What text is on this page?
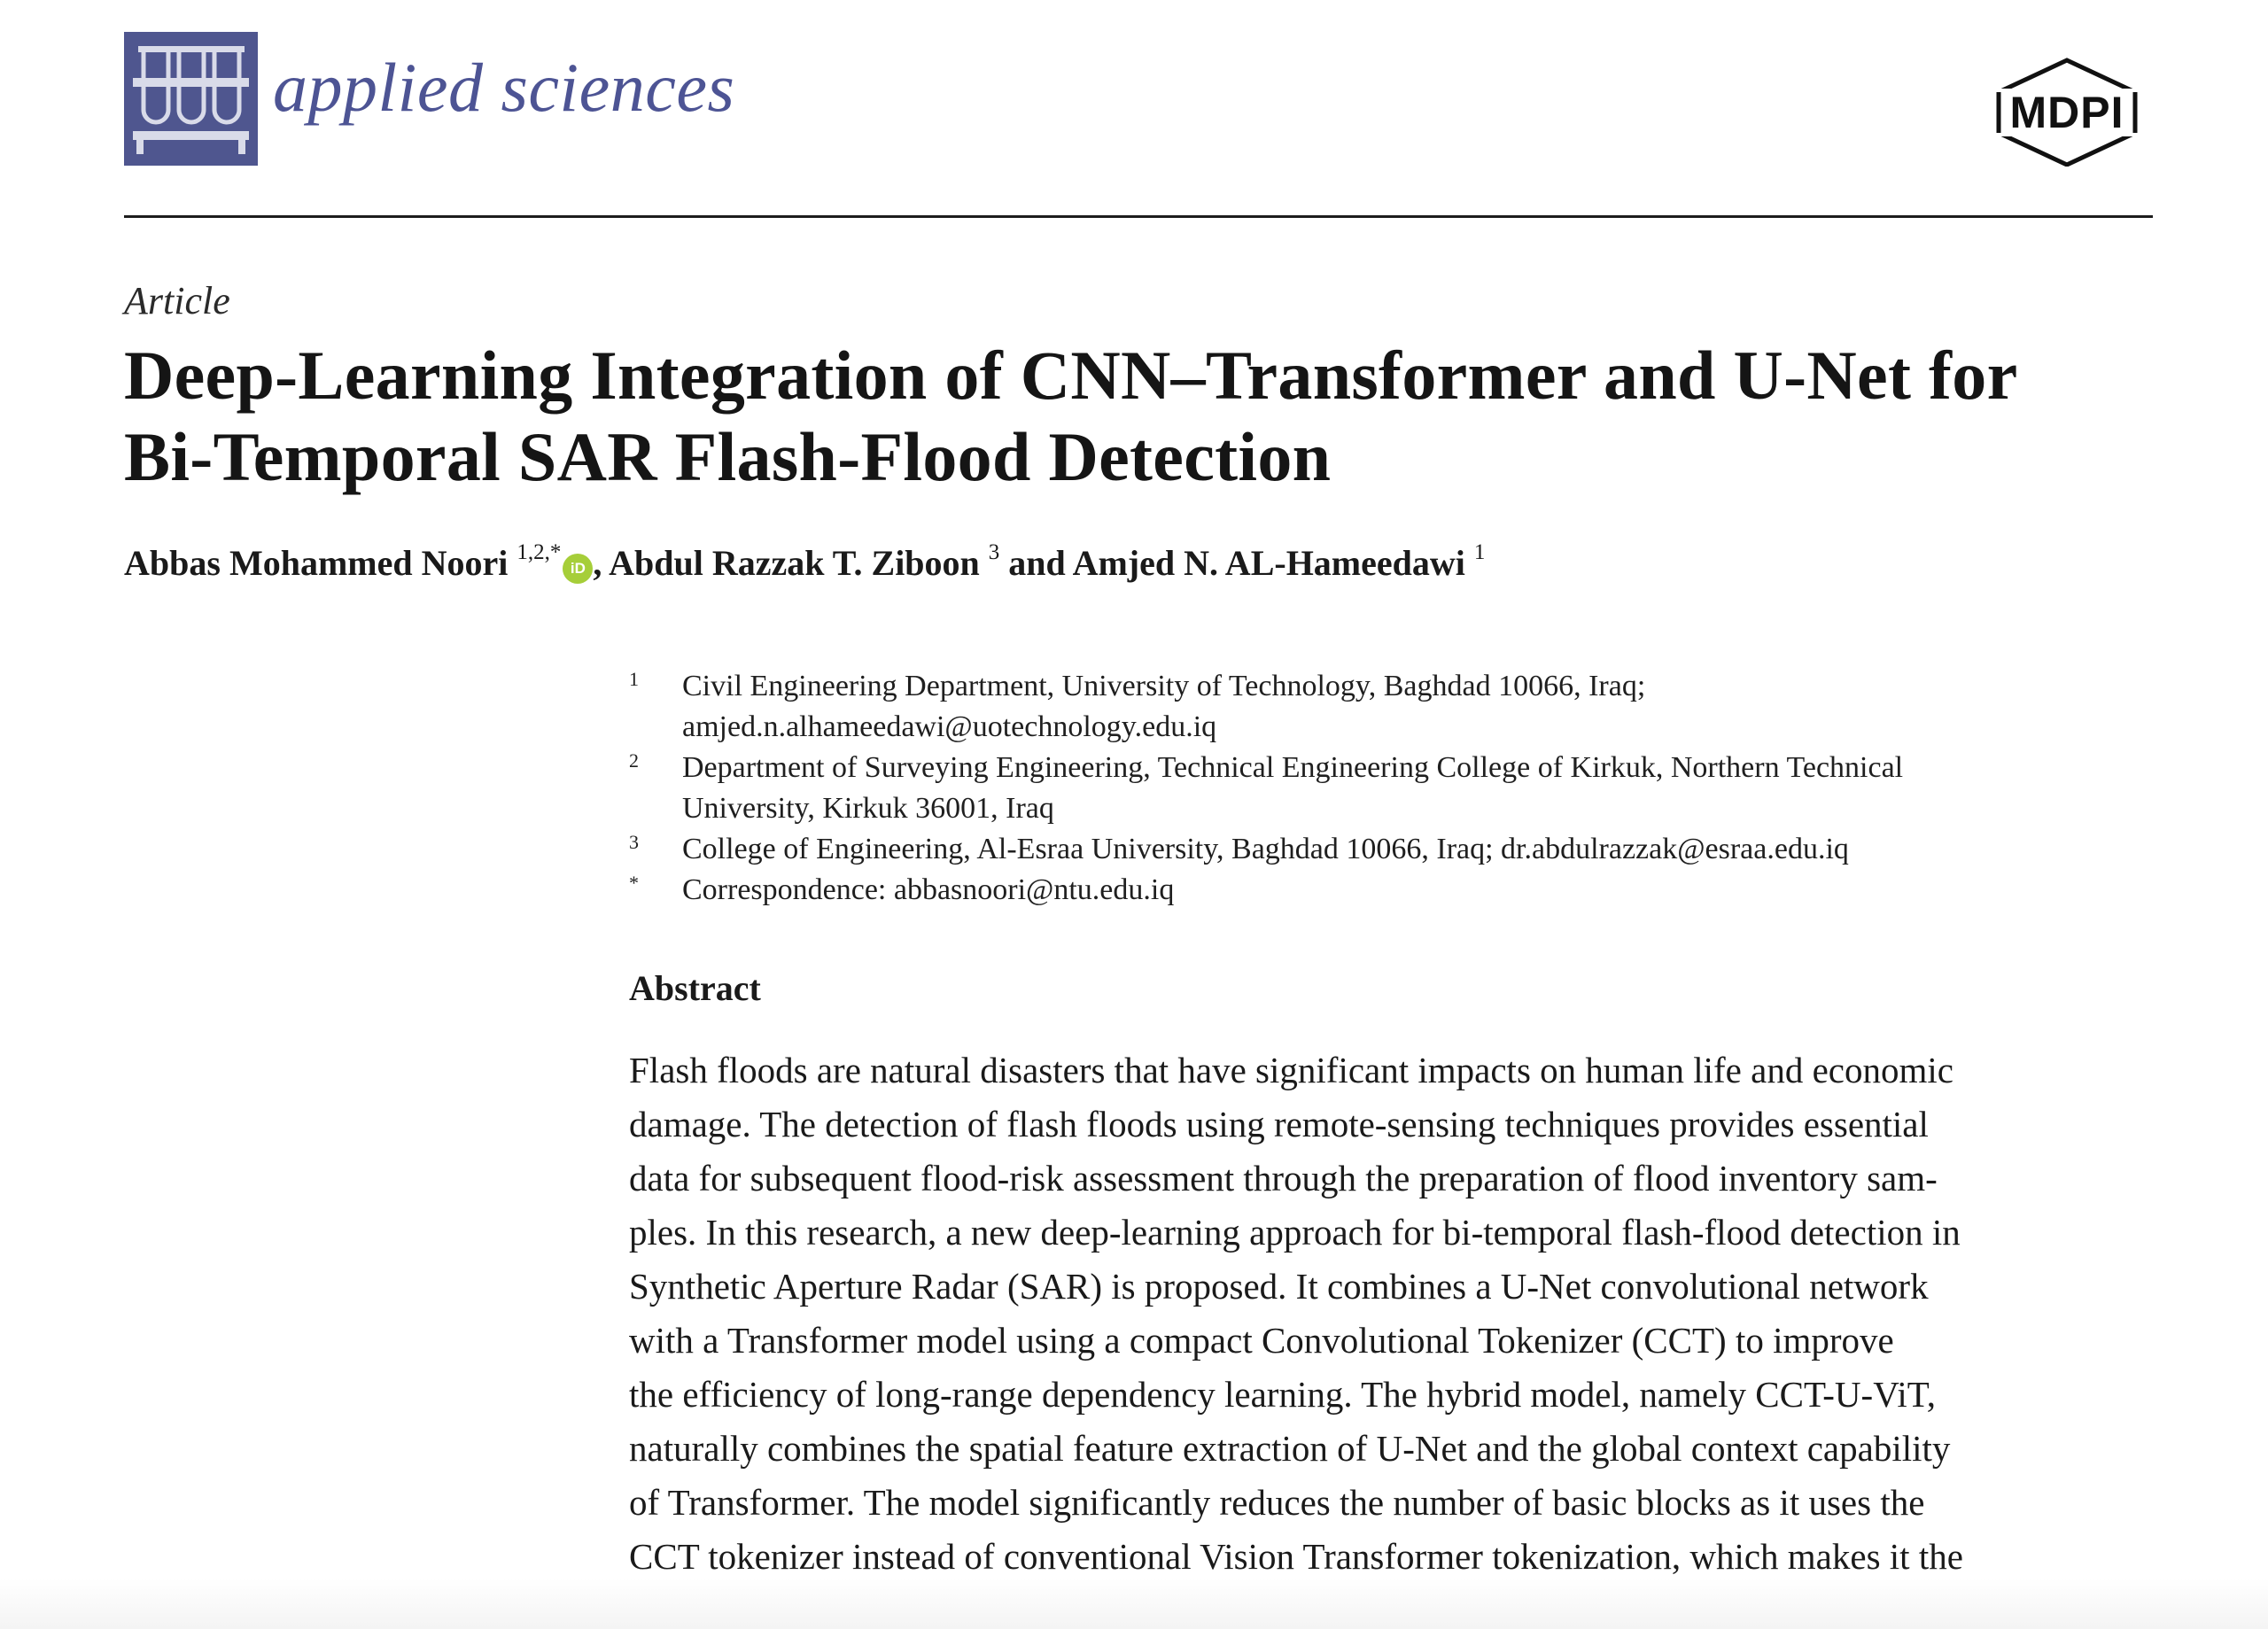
applied sciences	MDPI
Article
Deep-Learning Integration of CNN–Transformer and U-Net for
Bi-Temporal SAR Flash-Flood Detection
Abbas Mohammed Noori $^{1,2,*}$iD , Abdul Razzak T. Ziboon $^3$ and Amjed N. AL-Hameedawi $^1$
1 Civil Engineering Department, University of Technology, Baghdad 10066, Iraq;
amjed.n.alhameedawi@uotechnology.edu.iq
2 Department of Surveying Engineering, Technical Engineering College of Kirkuk, Northern Technical
University, Kirkuk 36001, Iraq
3 College of Engineering, Al-Esraa University, Baghdad 10066, Iraq; dr.abdulrazzak@esraa.edu.iq
* Correspondence: abbasnoori@ntu.edu.iq
Abstract
Flash floods are natural disasters that have significant impacts on human life and economic
damage. The detection of flash floods using remote-sensing techniques provides essential
data for subsequent flood-risk assessment through the preparation of flood inventory sam-
ples. In this research, a new deep-learning approach for bi-temporal flash-flood detection in
Synthetic Aperture Radar (SAR) is proposed. It combines a U-Net convolutional network
with a Transformer model using a compact Convolutional Tokenizer (CCT) to improve
the efficiency of long-range dependency learning. The hybrid model, namely CCT-U-ViT,
naturally combines the spatial feature extraction of U-Net and the global context capability
of Transformer. The model significantly reduces the number of basic blocks as it uses the
CCT tokenizer instead of conventional Vision Transformer tokenization, which makes it the
